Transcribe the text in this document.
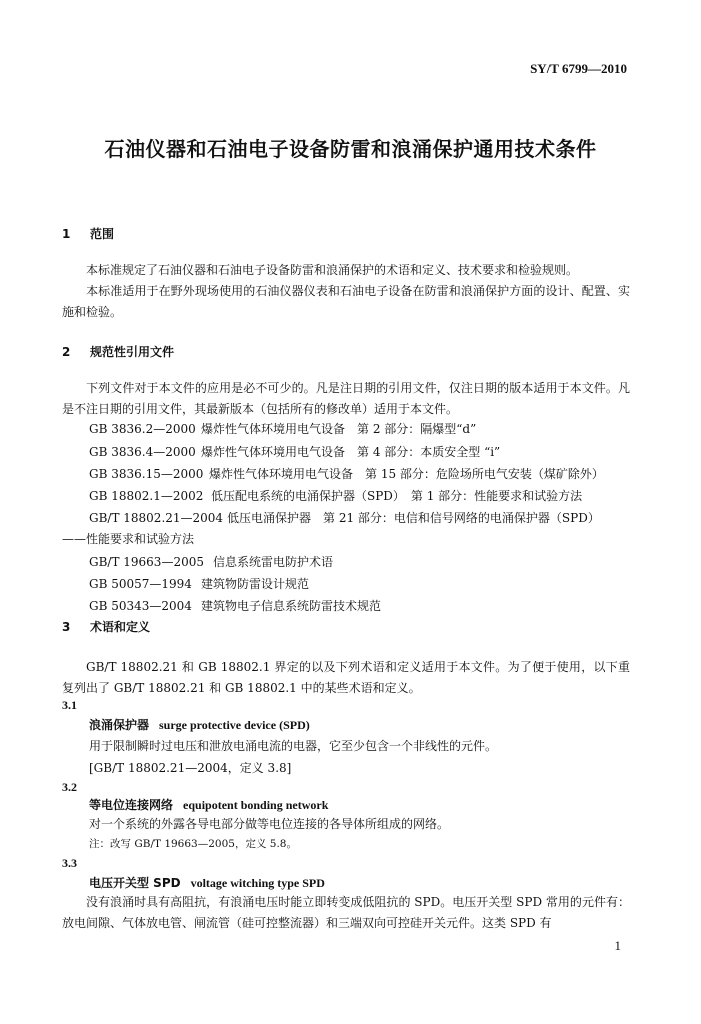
SY/T 6799—2010
石油仪器和石油电子设备防雷和浪涌保护通用技术条件
1 范围
本标准规定了石油仪器和石油电子设备防雷和浪涌保护的术语和定义、技术要求和检验规则。
本标准适用于在野外现场使用的石油仪器仪表和石油电子设备在防雷和浪涌保护方面的设计、配置、实施和检验。
2 规范性引用文件
下列文件对于本文件的应用是必不可少的。凡是注日期的引用文件，仅注日期的版本适用于本文件。凡是不注日期的引用文件，其最新版本（包括所有的修改单）适用于本文件。
GB 3836.2—2000 爆炸性气体环境用电气设备　第 2 部分：隔爆型“d”
GB 3836.4—2000 爆炸性气体环境用电气设备　第 4 部分：本质安全型 “i”
GB 3836.15—2000 爆炸性气体环境用电气设备　第 15 部分：危险场所电气安装（煤矿除外）
GB 18802.1—2002 低压配电系统的电涌保护器（SPD）　第 1 部分：性能要求和试验方法
GB/T 18802.21—2004 低压电涌保护器　第 21 部分：电信和信号网络的电涌保护器（SPD）
——性能要求和试验方法
GB/T 19663—2005 信息系统雷电防护术语
GB 50057—1994 建筑物防雷设计规范
GB 50343—2004 建筑物电子信息系统防雷技术规范
3 术语和定义
GB/T 18802.21 和 GB 18802.1 界定的以及下列术语和定义适用于本文件。为了便于使用，以下重复列出了 GB/T 18802.21 和 GB 18802.1 中的某些术语和定义。
3.1
浪涌保护器 surge protective device (SPD)
用于限制瞬时过电压和泄放电涌电流的电器，它至少包含一个非线性的元件。
[GB/T 18802.21—2004，定义 3.8]
3.2
等电位连接网络 equipotent bonding network
对一个系统的外露各导电部分做等电位连接的各导体所组成的网络。
注：改写 GB/T 19663—2005，定义 5.8。
3.3
电压开关型 SPD voltage witching type SPD
没有浪涌时具有高阻抗，有浪涌电压时能立即转变成低阻抗的 SPD。电压开关型 SPD 常用的元件有：放电间隙、气体放电管、闸流管（硅可控整流器）和三端双向可控硅开关元件。这类 SPD 有
1
